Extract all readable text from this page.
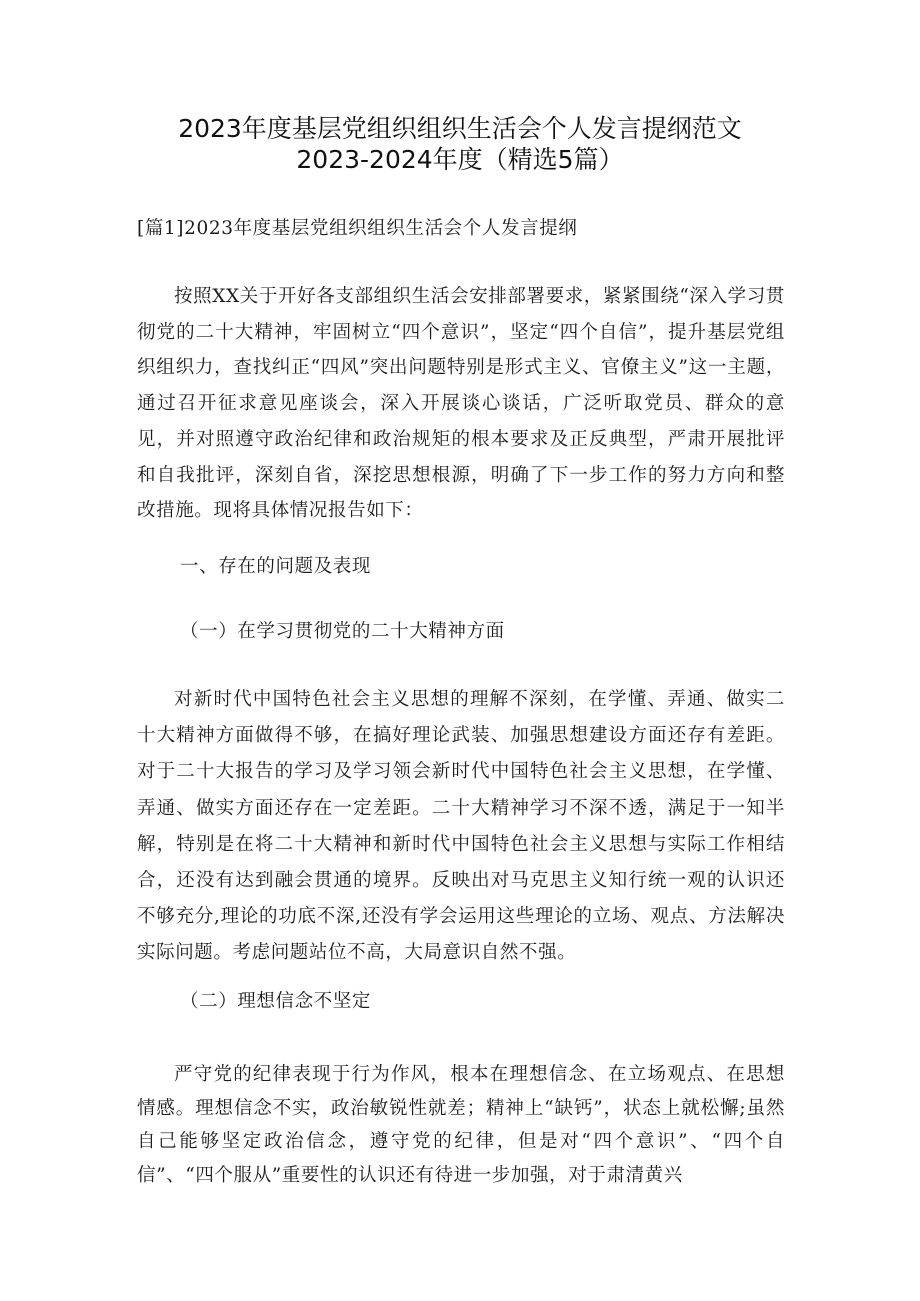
2023年度基层党组织组织生活会个人发言提纲范文
2023-2024年度（精选5篇）

[篇1]2023年度基层党组织组织生活会个人发言提纲

按照XX关于开好各支部组织生活会安排部署要求，紧紧围绕“深入学习贯彻党的二十大精神，牢固树立“四个意识”，坚定“四个自信”，提升基层党组织组织力，查找纠正“四风”突出问题特别是形式主义、官僚主义”这一主题，通过召开征求意见座谈会，深入开展谈心谈话，广泛听取党员、群众的意见，并对照遵守政治纪律和政治规矩的根本要求及正反典型，严肃开展批评和自我批评，深刻自省，深挖思想根源，明确了下一步工作的努力方向和整改措施。现将具体情况报告如下：

一、存在的问题及表现

（一）在学习贯彻党的二十大精神方面

对新时代中国特色社会主义思想的理解不深刻，在学懂、弄通、做实二十大精神方面做得不够，在搞好理论武装、加强思想建设方面还存有差距。对于二十大报告的学习及学习领会新时代中国特色社会主义思想，在学懂、弄通、做实方面还存在一定差距。二十大精神学习不深不透，满足于一知半解，特别是在将二十大精神和新时代中国特色社会主义思想与实际工作相结合，还没有达到融会贯通的境界。反映出对马克思主义知行统一观的认识还不够充分,理论的功底不深,还没有学会运用这些理论的立场、观点、方法解决实际问题。考虑问题站位不高，大局意识自然不强。

（二）理想信念不坚定

严守党的纪律表现于行为作风，根本在理想信念、在立场观点、在思想情感。理想信念不实，政治敏锐性就差；精神上“缺钙”，状态上就松懈;虽然自己能够坚定政治信念，遵守党的纪律，但是对“四个意识”、“四个自信”、“四个服从”重要性的认识还有待进一步加强，对于肃清黄兴
